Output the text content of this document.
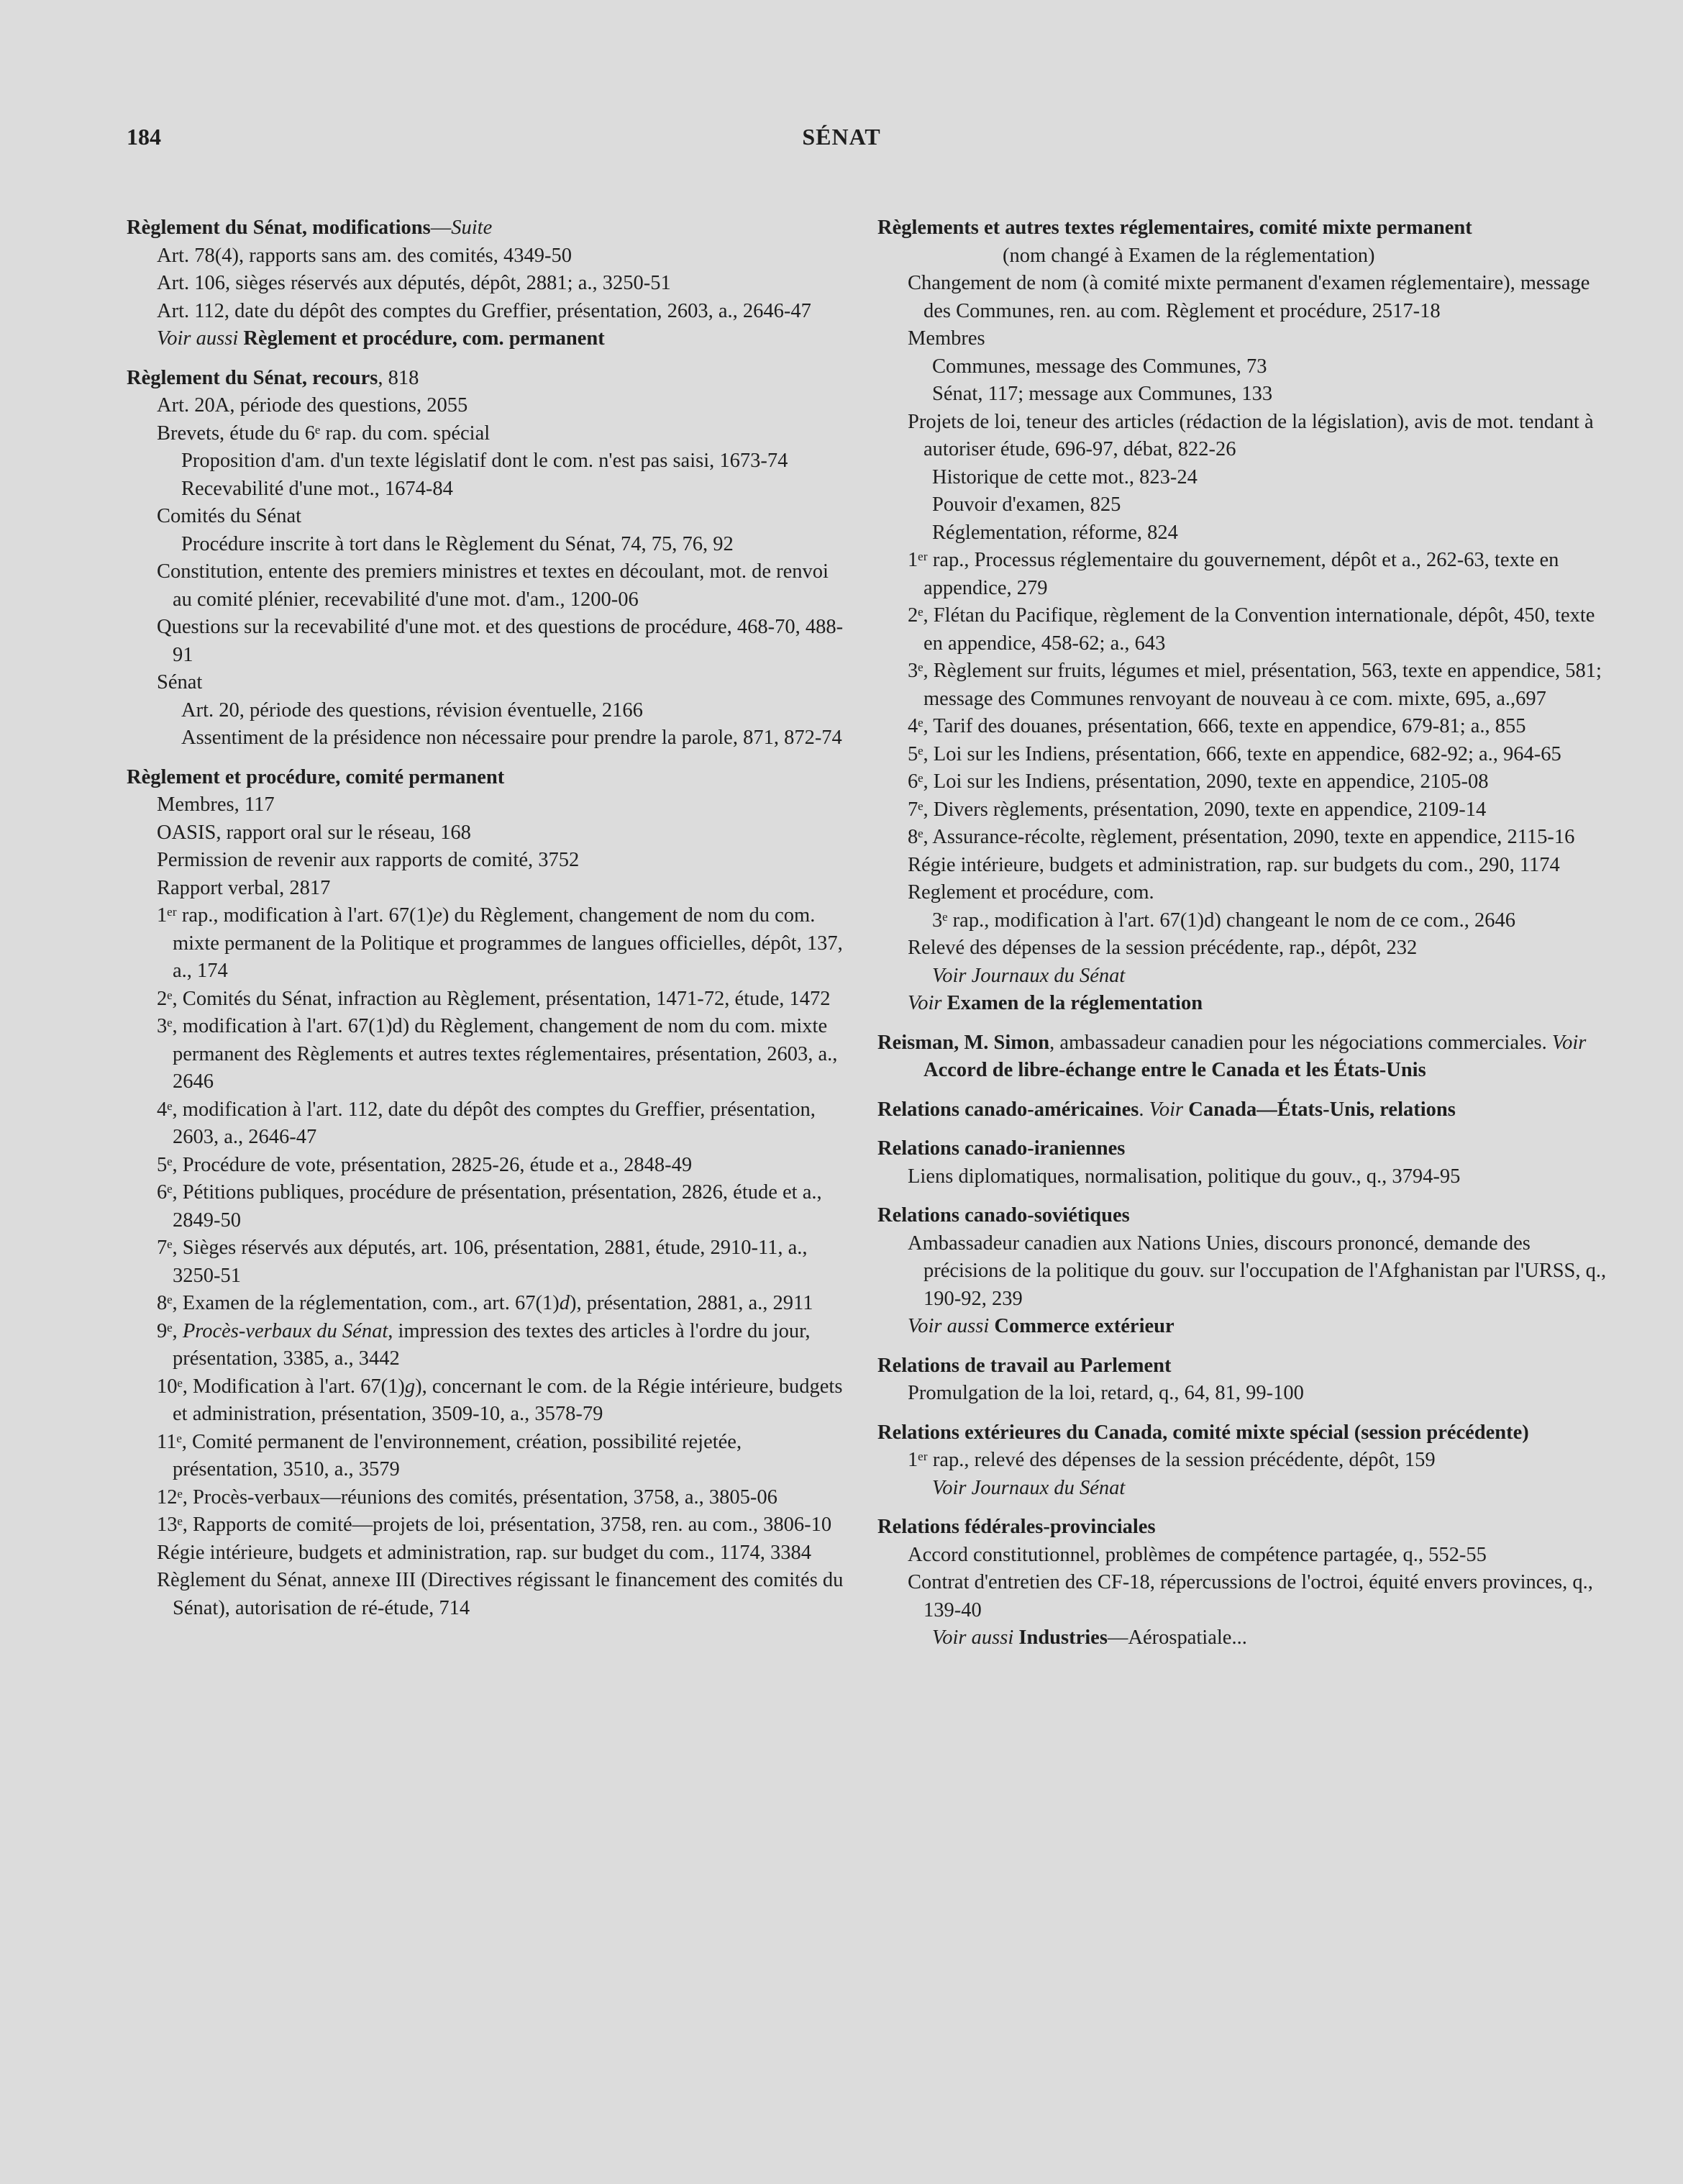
184	SÉNAT
Règlement du Sénat, modifications—Suite
Art. 78(4), rapports sans am. des comités, 4349-50
Art. 106, sièges réservés aux députés, dépôt, 2881; a., 3250-51
Art. 112, date du dépôt des comptes du Greffier, présentation, 2603, a., 2646-47
Voir aussi Règlement et procédure, com. permanent
Règlement du Sénat, recours, 818
Art. 20A, période des questions, 2055
Brevets, étude du 6ᵉ rap. du com. spécial
Proposition d'am. d'un texte législatif dont le com. n'est pas saisi, 1673-74
Recevabilité d'une mot., 1674-84
Comités du Sénat
Procédure inscrite à tort dans le Règlement du Sénat, 74, 75, 76, 92
Constitution, entente des premiers ministres et textes en découlant, mot. de renvoi au comité plénier, recevabilité d'une mot. d'am., 1200-06
Questions sur la recevabilité d'une mot. et des questions de procédure, 468-70, 488-91
Sénat
Art. 20, période des questions, révision éventuelle, 2166
Assentiment de la présidence non nécessaire pour prendre la parole, 871, 872-74
Règlement et procédure, comité permanent
Membres, 117
OASIS, rapport oral sur le réseau, 168
Permission de revenir aux rapports de comité, 3752
Rapport verbal, 2817
1ᵉʳ rap., modification à l'art. 67(1)e) du Règlement, changement de nom du com. mixte permanent de la Politique et programmes de langues officielles, dépôt, 137, a., 174
2ᵉ, Comités du Sénat, infraction au Règlement, présentation, 1471-72, étude, 1472
3ᵉ, modification à l'art. 67(1)d) du Règlement, changement de nom du com. mixte permanent des Règlements et autres textes réglementaires, présentation, 2603, a., 2646
4ᵉ, modification à l'art. 112, date du dépôt des comptes du Greffier, présentation, 2603, a., 2646-47
5ᵉ, Procédure de vote, présentation, 2825-26, étude et a., 2848-49
6ᵉ, Pétitions publiques, procédure de présentation, présentation, 2826, étude et a., 2849-50
7ᵉ, Sièges réservés aux députés, art. 106, présentation, 2881, étude, 2910-11, a., 3250-51
8ᵉ, Examen de la réglementation, com., art. 67(1)d), présentation, 2881, a., 2911
9ᵉ, Procès-verbaux du Sénat, impression des textes des articles à l'ordre du jour, présentation, 3385, a., 3442
10ᵉ, Modification à l'art. 67(1)g), concernant le com. de la Régie intérieure, budgets et administration, présentation, 3509-10, a., 3578-79
11ᵉ, Comité permanent de l'environnement, création, possibilité rejetée, présentation, 3510, a., 3579
12ᵉ, Procès-verbaux—réunions des comités, présentation, 3758, a., 3805-06
13ᵉ, Rapports de comité—projets de loi, présentation, 3758, ren. au com., 3806-10
Régie intérieure, budgets et administration, rap. sur budget du com., 1174, 3384
Règlement du Sénat, annexe III (Directives régissant le financement des comités du Sénat), autorisation de ré-étude, 714
Règlements et autres textes réglementaires, comité mixte permanent
(nom changé à Examen de la réglementation)
Changement de nom (à comité mixte permanent d'examen réglementaire), message des Communes, ren. au com. Règlement et procédure, 2517-18
Membres
Communes, message des Communes, 73
Sénat, 117; message aux Communes, 133
Projets de loi, teneur des articles (rédaction de la législation), avis de mot. tendant à autoriser étude, 696-97, débat, 822-26
Historique de cette mot., 823-24
Pouvoir d'examen, 825
Réglementation, réforme, 824
1ᵉʳ rap., Processus réglementaire du gouvernement, dépôt et a., 262-63, texte en appendice, 279
2ᵉ, Flétan du Pacifique, règlement de la Convention internationale, dépôt, 450, texte en appendice, 458-62; a., 643
3ᵉ, Règlement sur fruits, légumes et miel, présentation, 563, texte en appendice, 581; message des Communes renvoyant de nouveau à ce com. mixte, 695, a.,697
4ᵉ, Tarif des douanes, présentation, 666, texte en appendice, 679-81; a., 855
5ᵉ, Loi sur les Indiens, présentation, 666, texte en appendice, 682-92; a., 964-65
6ᵉ, Loi sur les Indiens, présentation, 2090, texte en appendice, 2105-08
7ᵉ, Divers règlements, présentation, 2090, texte en appendice, 2109-14
8ᵉ, Assurance-récolte, règlement, présentation, 2090, texte en appendice, 2115-16
Régie intérieure, budgets et administration, rap. sur budgets du com., 290, 1174
Reglement et procédure, com.
3ᵉ rap., modification à l'art. 67(1)d) changeant le nom de ce com., 2646
Relevé des dépenses de la session précédente, rap., dépôt, 232
Voir Journaux du Sénat
Voir Examen de la réglementation
Reisman, M. Simon, ambassadeur canadien pour les négociations commerciales. Voir Accord de libre-échange entre le Canada et les États-Unis
Relations canado-américaines. Voir Canada—États-Unis, relations
Relations canado-iraniennes
Liens diplomatiques, normalisation, politique du gouv., q., 3794-95
Relations canado-soviétiques
Ambassadeur canadien aux Nations Unies, discours prononcé, demande des précisions de la politique du gouv. sur l'occupation de l'Afghanistan par l'URSS, q., 190-92, 239
Voir aussi Commerce extérieur
Relations de travail au Parlement
Promulgation de la loi, retard, q., 64, 81, 99-100
Relations extérieures du Canada, comité mixte spécial (session précédente)
1ᵉʳ rap., relevé des dépenses de la session précédente, dépôt, 159
Voir Journaux du Sénat
Relations fédérales-provinciales
Accord constitutionnel, problèmes de compétence partagée, q., 552-55
Contrat d'entretien des CF-18, répercussions de l'octroi, équité envers provinces, q., 139-40
Voir aussi Industries—Aérospatiale...
